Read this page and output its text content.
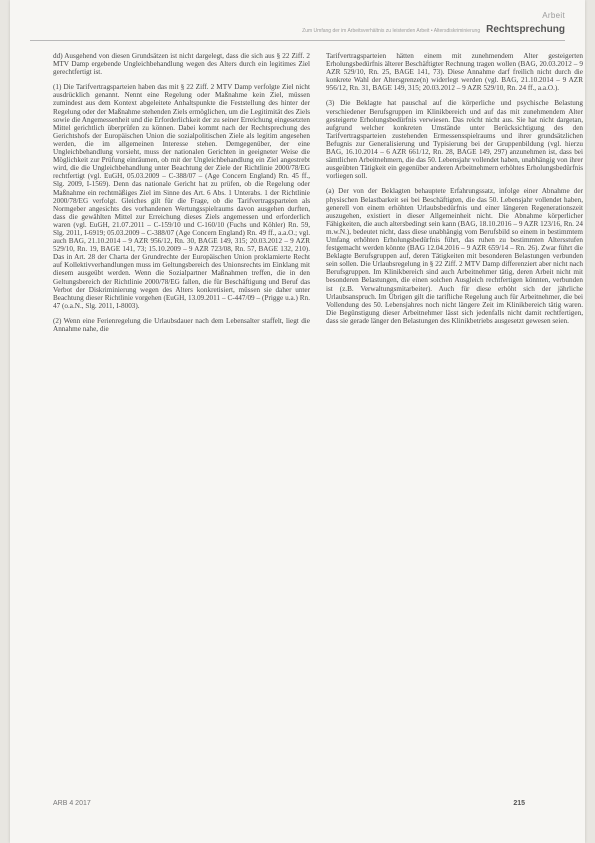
Arbeit
Zum Umfang der im Arbeitsverhältnis zu leistenden Arbeit • Altersdiskriminierung Rechtsprechung

dd) Ausgehend von diesen Grundsätzen ist nicht dargelegt, dass die sich aus § 22 Ziff. 2 MTV Damp ergebende Ungleichbehandlung wegen des Alters durch ein legitimes Ziel gerechtfertigt ist.

(1) Die Tarifvertragsparteien haben das mit § 22 Ziff. 2 MTV Damp verfolgte Ziel nicht ausdrücklich genannt. Nennt eine Regelung oder Maßnahme kein Ziel, müssen zumindest aus dem Kontext abgeleitete Anhaltspunkte die Feststellung des hinter der Regelung oder der Maßnahme stehenden Ziels ermöglichen, um die Legitimität des Ziels sowie die Angemessenheit und die Erforderlichkeit der zu seiner Erreichung eingesetzten Mittel gerichtlich überprüfen zu können. Dabei kommt nach der Rechtsprechung des Gerichtshofs der Europäischen Union die sozialpolitischen Ziele als legitim angesehen werden, die im allgemeinen Interesse stehen. Demgegenüber, der eine Ungleichbehandlung vorsieht, muss der nationalen Gerichten in geeigneter Weise die Möglichkeit zur Prüfung einräumen, ob mit der Ungleichbehandlung ein Ziel angestrebt wird, die die Ungleichbehandlung unter Beachtung der Ziele der Richtlinie 2000/78/EG rechtfertigt (vgl. EuGH, 05.03.2009 – C-388/07 – (Age Concern England) Rn. 45 ff., Slg. 2009, I-1569). Denn das nationale Gericht hat zu prüfen, ob die Regelung oder Maßnahme ein rechtmäßiges Ziel im Sinne des Art. 6 Abs. 1 Unterabs. 1 der Richtlinie 2000/78/EG verfolgt. Gleiches gilt für die Frage, ob die Tarifvertragsparteien als Normgeber angesichts des vorhandenen Wertungsspielraums davon ausgehen durften, dass die gewählten Mittel zur Erreichung dieses Ziels angemessen und erforderlich waren (vgl. EuGH, 21.07.2011 – C-159/10 und C-160/10 (Fuchs und Köhler) Rn. 59, Slg. 2011, I-6919; 05.03.2009 – C-388/07 (Age Concern England) Rn. 49 ff., a.a.O.; vgl. auch BAG, 21.10.2014 – 9 AZR 956/12, Rn. 30, BAGE 149, 315; 20.03.2012 – 9 AZR 529/10, Rn. 19, BAGE 141, 73; 15.10.2009 – 9 AZR 723/08, Rn. 57, BAGE 132, 210). Das in Art. 28 der Charta der Grundrechte der Europäischen Union proklamierte Recht auf Kollektivverhandlungen muss im Geltungsbereich des Unionsrechts im Einklang mit diesem ausgeübt werden. Wenn die Sozialpartner Maßnahmen treffen, die in den Geltungsbereich der Richtlinie 2000/78/EG fallen, die für Beschäftigung und Beruf das Verbot der Diskriminierung wegen des Alters konkretisiert, müssen sie daher unter Beachtung dieser Richtlinie vorgehen (EuGH, 13.09.2011 – C-447/09 – (Prigge u.a.) Rn. 47 (o.a.N., Slg. 2011, I-8003).

(2) Wenn eine Ferienregelung die Urlaubsdauer nach dem Lebensalter staffelt, liegt die Annahme nahe, die

Tarifvertragsparteien hätten einem mit zunehmendem Alter gesteigerten Erholungsbedürfnis älterer Beschäftigter Rechnung tragen wollen (BAG, 20.03.2012 – 9 AZR 529/10, Rn. 25, BAGE 141, 73). Diese Annahme darf freilich nicht durch die konkrete Wahl der Altersgrenze(n) widerlegt werden (vgl. BAG, 21.10.2014 – 9 AZR 956/12, Rn. 31, BAGE 149, 315; 20.03.2012 – 9 AZR 529/10, Rn. 24 ff., a.a.O.).

(3) Die Beklagte hat pauschal auf die körperliche und psychische Belastung verschiedener Berufsgruppen im Klinikbereich und auf das mit zunehmendem Alter gesteigerte Erholungsbedürfnis verwiesen. Das reicht nicht aus. Sie hat nicht dargetan, aufgrund welcher konkreten Umstände unter Berücksichtigung des den Tarifvertragsparteien zustehenden Ermessensspielraums und ihrer grundsätzlichen Befugnis zur Generalisierung und Typisierung bei der Gruppenbildung (vgl. hierzu BAG, 16.10.2014 – 6 AZR 661/12, Rn. 28, BAGE 149, 297) anzunehmen ist, dass bei sämtlichen Arbeitnehmern, die das 50. Lebensjahr vollendet haben, unabhängig von ihrer ausgeübten Tätigkeit ein gegenüber anderen Arbeitnehmern erhöhtes Erholungsbedürfnis vorliegen soll.

(a) Der von der Beklagten behauptete Erfahrungssatz, infolge einer Abnahme der physischen Belastbarkeit sei bei Beschäftigten, die das 50. Lebensjahr vollendet haben, generell von einem erhöhten Urlaubsbedürfnis und einer längeren Regenerationszeit auszugehen, existiert in dieser Allgemeinheit nicht. Die Abnahme körperlicher Fähigkeiten, die auch altersbedingt sein kann (BAG, 18.10.2016 – 9 AZR 123/16, Rn. 24 m.w.N.), bedeutet nicht, dass diese unabhängig vom Berufsbild so einem in bestimmtem Umfang erhöhten Erholungsbedürfnis führt, das ruhen zu bestimmten Altersstufen festgemacht werden könnte (BAG 12.04.2016 – 9 AZR 659/14 – Rn. 26). Zwar führt die Beklagte Berufsgruppen auf, deren Tätigkeiten mit besonderen Belastungen verbunden sein sollen. Die Urlaubsregelung in § 22 Ziff. 2 MTV Damp differenziert aber nicht nach Berufsgruppen. Im Klinikbereich sind auch Arbeitnehmer tätig, deren Arbeit nicht mit besonderen Belastungen, die einen solchen Ausgleich rechtfertigen könnten, verbunden ist (z.B. Verwaltungsmitarbeiter). Auch für diese erhöht sich der jährliche Urlaubsanspruch. Im Übrigen gilt die tarifliche Regelung auch für Arbeitnehmer, die bei Vollendung des 50. Lebensjahres noch nicht längere Zeit im Klinikbereich tätig waren. Die Begünstigung dieser Arbeitnehmer lässt sich jedenfalls nicht damit rechtfertigen, dass sie gerade länger den Belastungen des Klinikbetriebs ausgesetzt gewesen seien.

ARB 4 2017	215
